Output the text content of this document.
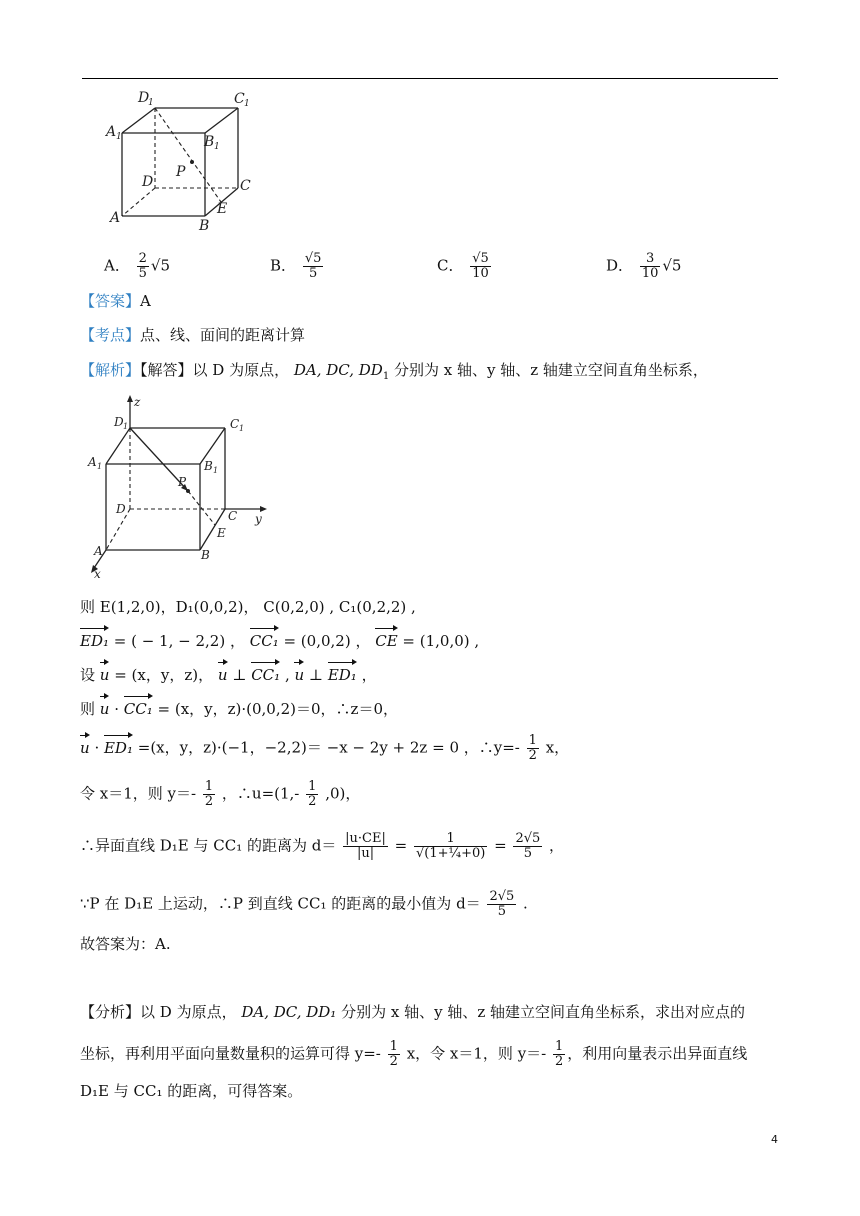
D
1	C 1
A 1	B 1
P
D	C
E
A	B
A． $\frac{2}{5} √5$	B． $\frac{√5}{5}$	C． $\frac{√5}{10}$	D． $\frac{3}{10} √5$
【答案】A
【考点】点、线、面间的距离计算
【解析】【解答】以 D 为原点， DA, DC, $DD_1$ 分别为 x 轴、y 轴、z 轴建立空间直角坐标系，
z
D 1	C 1
A 1	B 1
P
D	C y
E
A	B
x
则 E(1,2,0)，D₁(0,0,2)， C(0,2,0) , C₁(0,2,2) ,
ED₁ = ( − 1, − 2,2) ， CC₁ = (0,0,2) ， CE = (1,0,0) ,
设 u = (x，y，z)， u ⊥ CC₁ , u ⊥ ED₁ ，
则 u · CC₁ = (x，y，z)·(0,0,2)＝0，∴z＝0，
u · ED₁ =(x，y，z)·(−1，−2,2)＝ −x − 2y + 2z = 0 ，∴y=- $\frac{1}{2}$ x，
令 x＝1，则 $y=- \frac{1}{2}$ ，∴u=(1,- $\frac{1}{2} ,0$)，
∴异面直线 D₁E 与 CC₁ 的距离为 $d= \frac{|u\cdot CE|}{|u|} = \frac{1}{\text{√(1+¼+0)}} = \frac{2√5}{5}$ ，
∵P 在 D₁E 上运动，∴P 到直线 CC₁ 的距离的最小值为 $d= \frac{2√5}{5}$ .
故答案为：A.
【分析】以 D 为原点， DA, DC, DD₁ 分别为 x 轴、y 轴、z 轴建立空间直角坐标系，求出对应点的
坐标，再利用平面向量数量积的运算可得 $y=- \frac{1}{2}$ x，令 x＝1，则 $y=- \frac{1}{2}$ ，利用向量表示出异面直线
D₁E 与 CC₁ 的距离，可得答案。
4
